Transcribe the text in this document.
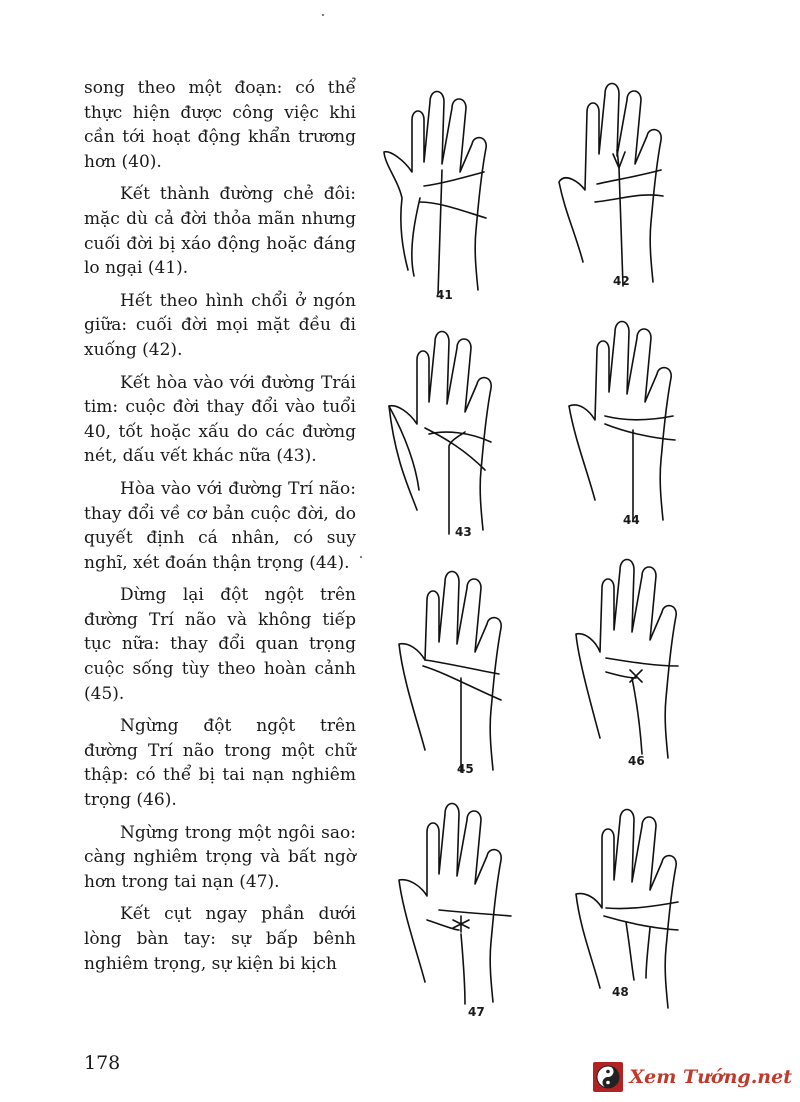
song theo một đoạn: có thể thực hiện được công việc khi cần tới hoạt động khẩn trương hơn (40).

Kết thành đường chẻ đôi: mặc dù cả đời thỏa mãn nhưng cuối đời bị xáo động hoặc đáng lo ngại (41).

Hết theo hình chổi ở ngón giữa: cuối đời mọi mặt đều đi xuống (42).

Kết hòa vào với đường Trái tim: cuộc đời thay đổi vào tuổi 40, tốt hoặc xấu do các đường nét, dấu vết khác nữa (43).

Hòa vào với đường Trí não: thay đổi về cơ bản cuộc đời, do quyết định cá nhân, có suy nghĩ, xét đoán thận trọng (44).

Dừng lại đột ngột trên đường Trí não và không tiếp tục nữa: thay đổi quan trọng cuộc sống tùy theo hoàn cảnh (45).

Ngừng đột ngột trên đường Trí não trong một chữ thập: có thể bị tai nạn nghiêm trọng (46).

Ngừng trong một ngôi sao: càng nghiêm trọng và bất ngờ hơn trong tai nạn (47).

Kết cụt ngay phần dưới lòng bàn tay: sự bấp bênh nghiêm trọng, sự kiện bi kịch

178
41
42
43
44
45
46
47
48
Xem Tướng.net
